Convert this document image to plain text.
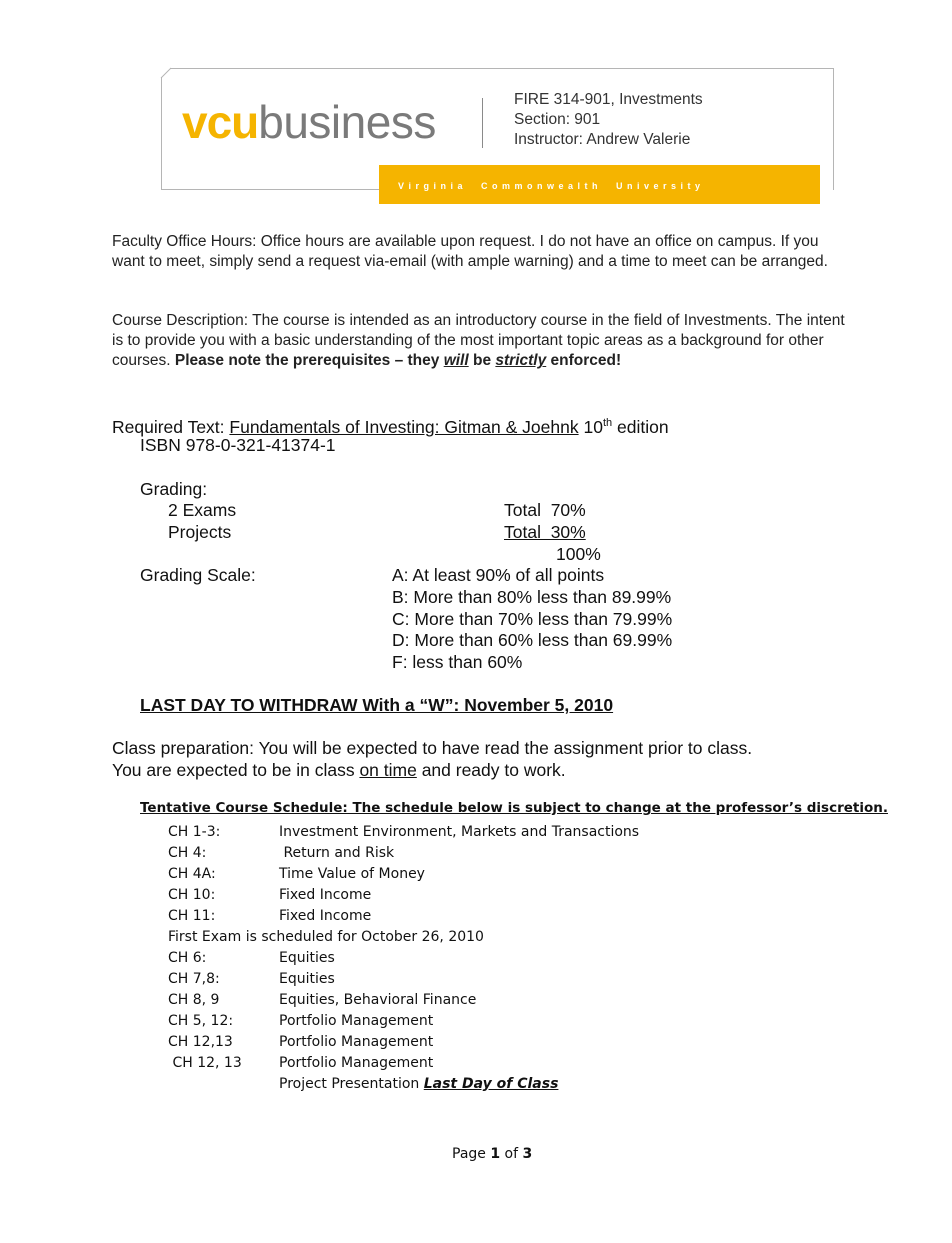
vcubusiness	FIRE 314-901, Investments
Section: 901
Instructor: Andrew Valerie
V i r g i n i a     C o m m o n w e a l t h     U n i v e r s i t y
Faculty Office Hours: Office hours are available upon request. I do not have an office on campus. If you want to meet, simply send a request via-email (with ample warning) and a time to meet can be arranged.
Course Description: The course is intended as an introductory course in the field of Investments. The intent is to provide you with a basic understanding of the most important topic areas as a background for other courses. Please note the prerequisites – they will be strictly enforced!
Required Text: Fundamentals of Investing: Gitman & Joehnk 10th edition
ISBN 978-0-321-41374-1
Grading:
2 Exams	Total  70%
Projects	Total  30%
100%
Grading Scale:	A: At least 90% of all points
B: More than 80% less than 89.99%
C: More than 70% less than 79.99%
D: More than 60% less than 69.99%
F: less than 60%
LAST DAY TO WITHDRAW With a “W”: November 5, 2010
Class preparation: You will be expected to have read the assignment prior to class.
You are expected to be in class on time and ready to work.
Tentative Course Schedule: The schedule below is subject to change at the professor’s discretion.
CH 1-3:	Investment Environment, Markets and Transactions
CH 4:	Return and Risk
CH 4A:	Time Value of Money
CH 10:	Fixed Income
CH 11:	Fixed Income
First Exam is scheduled for October 26, 2010
CH 6:	Equities
CH 7,8:	Equities
CH 8, 9	Equities, Behavioral Finance
CH 5, 12:	Portfolio Management
CH 12,13	Portfolio Management
CH 12, 13	Portfolio Management
Project Presentation Last Day of Class
Page 1 of 3
